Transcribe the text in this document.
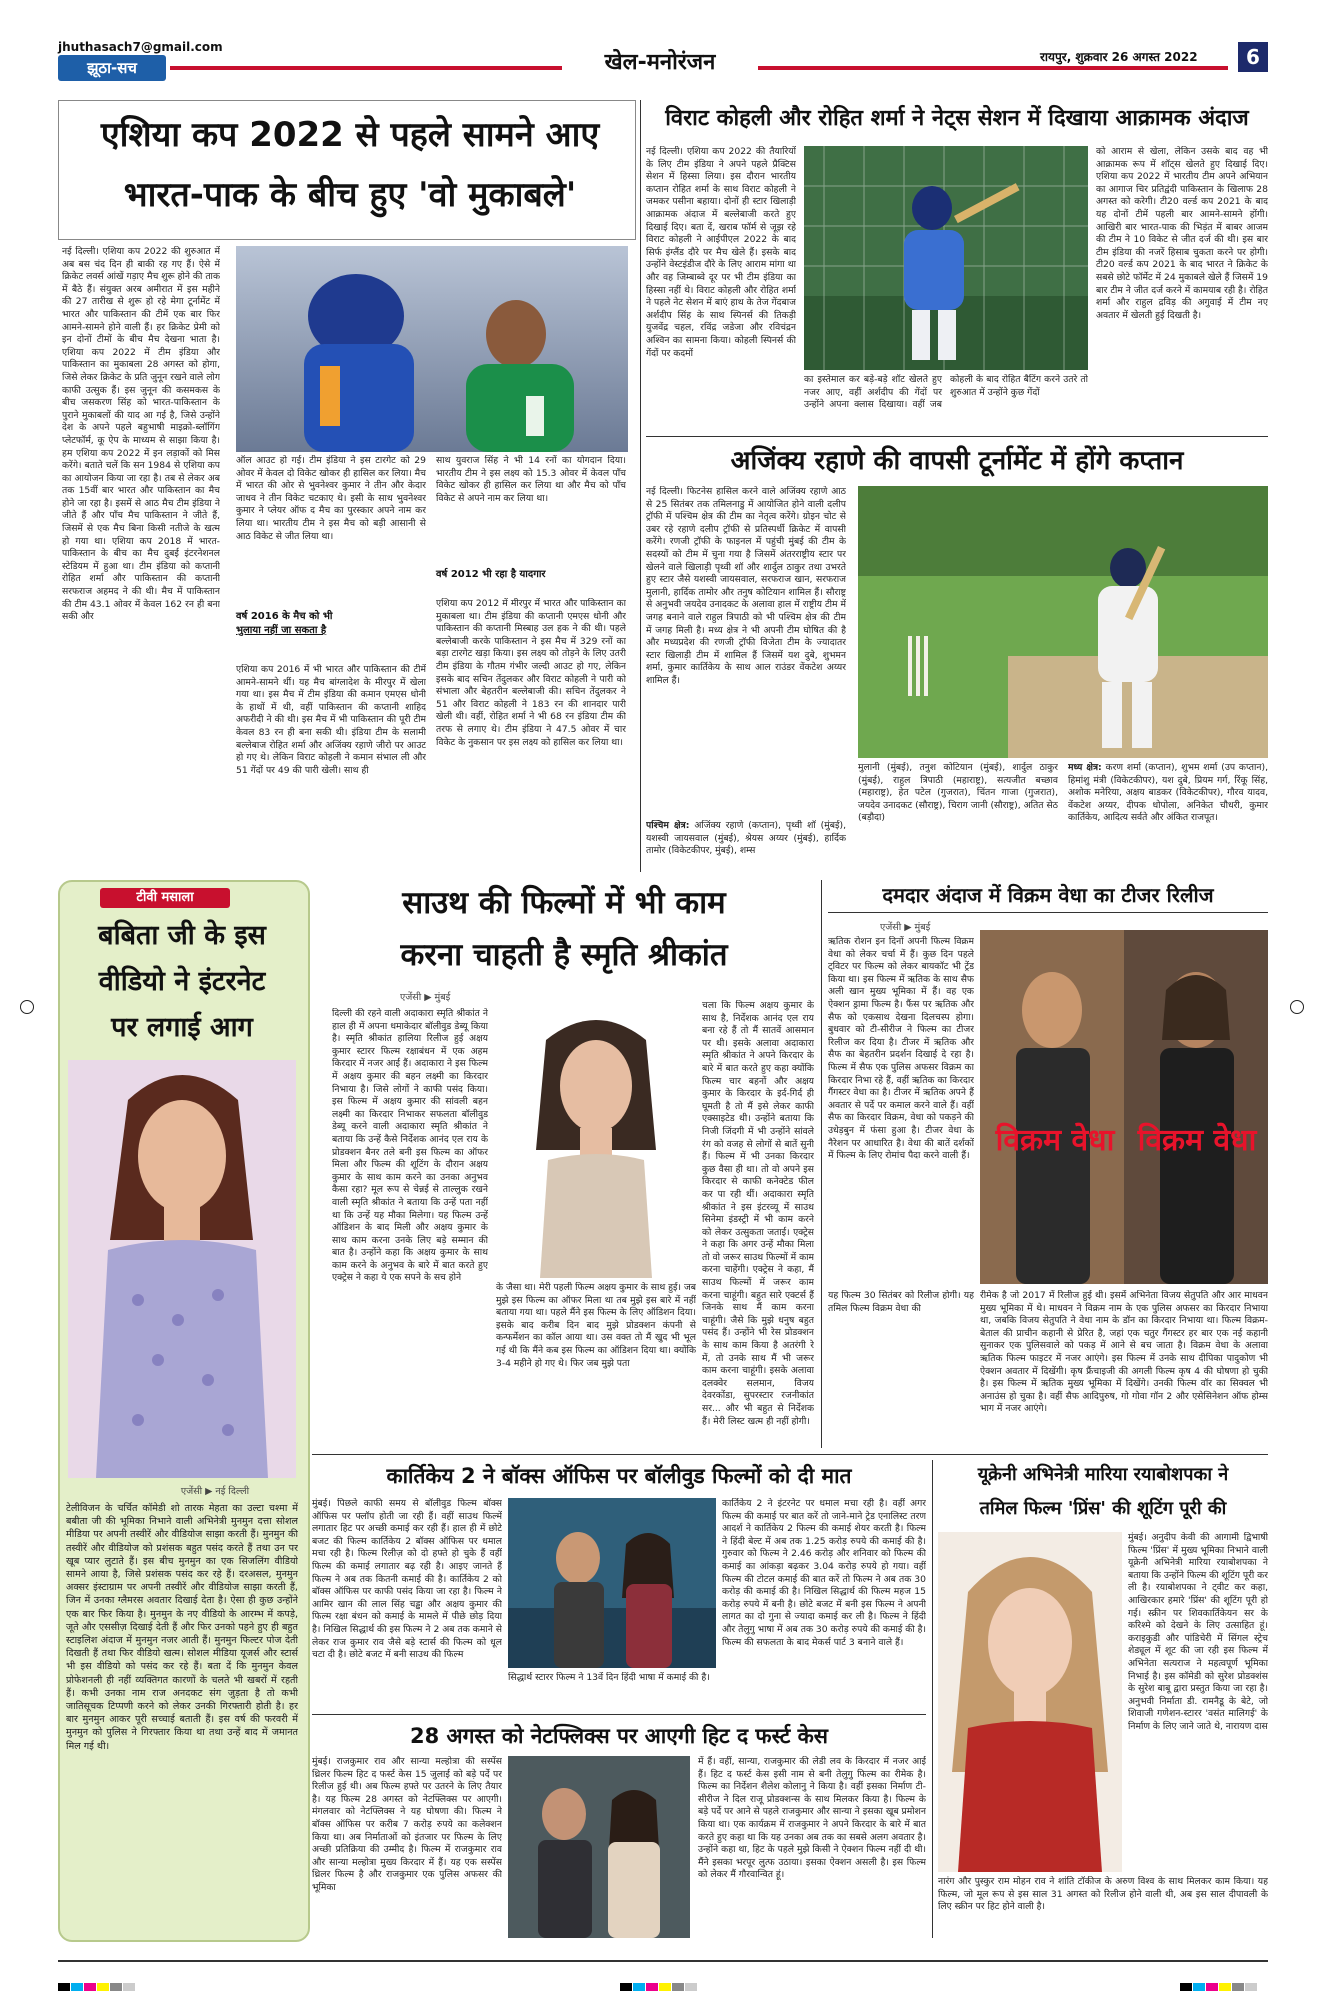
jhuthasach7@gmail.com
झूठा-सच	खेल-मनोरंजन	रायपुर, शुक्रवार 26 अगस्त 2022	6
एशिया कप 2022 से पहले सामने आए
भारत-पाक के बीच हुए 'वो मुकाबले'
नई दिल्ली। एशिया कप 2022 की शुरुआत में अब बस चंद दिन ही बाकी रह गए हैं। ऐसे में क्रिकेट लवर्स आंखें गड़ाए मैच शुरू होने की ताक में बैठे हैं। संयुक्त अरब अमीरात में इस महीने की 27 तारीख से शुरू हो रहे मेगा टूर्नामेंट में भारत और पाकिस्तान की टीमें एक बार फिर आमने-सामने होने वाली हैं। हर क्रिकेट प्रेमी को इन दोनों टीमों के बीच मैच देखना भाता है। एशिया कप 2022 में टीम इंडिया और पाकिस्तान का मुकाबला 28 अगस्त को होगा, जिसे लेकर क्रिकेट के प्रति जुनून रखने वाले लोग काफी उत्सुक हैं। इस जुनून की कसमकस के बीच जसकरण सिंह को भारत-पाकिस्तान के पुराने मुकाबलों की याद आ गई है, जिसे उन्होंने देश के अपने पहले बहुभाषी माइक्रो-ब्लॉगिंग प्लेटफॉर्म, कू ऐप के माध्यम से साझा किया है। हम एशिया कप 2022 में इन लड़ाकों को मिस करेंगे। बताते चलें कि सन 1984 से एशिया कप का आयोजन किया जा रहा है। तब से लेकर अब तक 15वीं बार भारत और पाकिस्तान का मैच होने जा रहा है। इसमें से आठ मैच टीम इंडिया ने जीते हैं और पाँच मैच पाकिस्तान ने जीते हैं, जिसमें से एक मैच बिना किसी नतीजे के खत्म हो गया था। एशिया कप 2018 में भारत-पाकिस्तान के बीच का मैच दुबई इंटरनेशनल स्टेडियम में हुआ था। टीम इंडिया को कप्तानी रोहित शर्मा और पाकिस्तान की कप्तानी सरफराज अहमद ने की थी। मैच में पाकिस्तान की टीम 43.1 ओवर में केवल 162 रन ही बना सकी और
ऑल आउट हो गई। टीम इंडिया ने इस टारगेट को 29 ओवर में केवल दो विकेट खोकर ही हासिल कर लिया। मैच में भारत की ओर से भुवनेश्वर कुमार ने तीन और केदार जाधव ने तीन विकेट चटकाए थे। इसी के साथ भुवनेश्वर कुमार ने प्लेयर ऑफ द मैच का पुरस्कार अपने नाम कर लिया था। भारतीय टीम ने इस मैच को बड़ी आसानी से आठ विकेट से जीत लिया था।
वर्ष 2016 के मैच को भी
भुलाया नहीं जा सकता है
एशिया कप 2016 में भी भारत और पाकिस्तान की टीमें आमने-सामने थीं। यह मैच बांग्लादेश के मीरपुर में खेला गया था। इस मैच में टीम इंडिया की कमान एमएस धोनी के हाथों में थी, वहीं पाकिस्तान की कप्तानी शाहिद अफरीदी ने की थी। इस मैच में भी पाकिस्तान की पूरी टीम केवल 83 रन ही बना सकी थी। इंडिया टीम के सलामी बल्लेबाज रोहित शर्मा और अजिंक्य रहाणे जीरो पर आउट हो गए थे। लेकिन विराट कोहली ने कमान संभाल ली और 51 गेंदों पर 49 की पारी खेली। साथ ही
साथ युवराज सिंह ने भी 14 रनों का योगदान दिया। भारतीय टीम ने इस लक्ष्य को 15.3 ओवर में केवल पाँच विकेट खोकर ही हासिल कर लिया था और मैच को पाँच विकेट से अपने नाम कर लिया था।
वर्ष 2012 भी रहा है यादगार
एशिया कप 2012 में मीरपुर में भारत और पाकिस्तान का मुकाबला था। टीम इंडिया की कप्तानी एमएस धोनी और पाकिस्तान की कप्तानी मिस्बाह उल हक ने की थी। पहले बल्लेबाजी करके पाकिस्तान ने इस मैच में 329 रनों का बड़ा टारगेट खड़ा किया। इस लक्ष्य को तोड़ने के लिए उतरी टीम इंडिया के गौतम गंभीर जल्दी आउट हो गए, लेकिन इसके बाद सचिन तेंदुलकर और विराट कोहली ने पारी को संभाला और बेहतरीन बल्लेबाजी की। सचिन तेंदुलकर ने 51 और विराट कोहली ने 183 रन की शानदार पारी खेली थी। वहीं, रोहित शर्मा ने भी 68 रन इंडिया टीम की तरफ से लगाए थे। टीम इंडिया ने 47.5 ओवर में चार विकेट के नुकसान पर इस लक्ष्य को हासिल कर लिया था।
विराट कोहली और रोहित शर्मा ने नेट्स सेशन में दिखाया आक्रामक अंदाज
नई दिल्ली। एशिया कप 2022 की तैयारियों के लिए टीम इंडिया ने अपने पहले प्रैक्टिस सेशन में हिस्सा लिया। इस दौरान भारतीय कप्तान रोहित शर्मा के साथ विराट कोहली ने जमकर पसीना बहाया। दोनों ही स्टार खिलाड़ी आक्रामक अंदाज में बल्लेबाजी करते हुए दिखाई दिए। बता दें, खराब फॉर्म से जूझ रहे विराट कोहली ने आईपीएल 2022 के बाद सिर्फ इंग्लैंड दौरे पर मैच खेले हैं। इसके बाद उन्होंने वेस्टइंडीज दौरे के लिए आराम मांगा था और वह जिम्बाब्वे दूर पर भी टीम इंडिया का हिस्सा नहीं थे। विराट कोहली और रोहित शर्मा ने पहले नेट सेशन में बाएं हाथ के तेज गेंदबाज अर्शदीप सिंह के साथ स्पिनर्स की तिकड़ी युजवेंद्र चहल, रविंद्र जडेजा और रविचंद्रन अश्विन का सामना किया। कोहली स्पिनर्स की गेंदों पर कदमों
का इस्तेमाल कर बड़े-बड़े शॉट खेलते हुए नजर आए, वहीं अर्शदीप की गेंदों पर उन्होंने अपना क्लास दिखाया। वहीं जब कोहली के बाद रोहित बैटिंग करने उतरे तो शुरुआत में उन्होंने कुछ गेंदों
को आराम से खेला, लेकिन उसके बाद वह भी आक्रामक रूप में शॉट्स खेलते हुए दिखाई दिए। एशिया कप 2022 में भारतीय टीम अपने अभियान का आगाज चिर प्रतिद्वंदी पाकिस्तान के खिलाफ 28 अगस्त को करेगी। टी20 वर्ल्ड कप 2021 के बाद यह दोनों टीमें पहली बार आमने-सामने होंगी। आखिरी बार भारत-पाक की भिड़ंत में बाबर आजम की टीम ने 10 विकेट से जीत दर्ज की थी। इस बार टीम इंडिया की नजरें हिसाब चुकता करने पर होगी। टी20 वर्ल्ड कप 2021 के बाद भारत ने क्रिकेट के सबसे छोटे फॉर्मेट में 24 मुकाबले खेले हैं जिसमें 19 बार टीम ने जीत दर्ज करने में कामयाब रही है। रोहित शर्मा और राहुल द्रविड़ की अगुवाई में टीम नए अवतार में खेलती हुई दिखती है।
अजिंक्य रहाणे की वापसी टूर्नामेंट में होंगे कप्तान
नई दिल्ली। फिटनेस हासिल करने वाले अजिंक्य रहाणे आठ से 25 सितंबर तक तमिलनाडु में आयोजित होने वाली दलीप ट्रॉफी में पश्चिम क्षेत्र की टीम का नेतृत्व करेंगे। ग्रोइन चोट से उबर रहे रहाणे दलीप ट्रॉफी से प्रतिस्पर्धी क्रिकेट में वापसी करेंगे। रणजी ट्रॉफी के फाइनल में पहुंची मुंबई की टीम के सदस्यों को टीम में चुना गया है जिसमें अंतरराष्ट्रीय स्टार पर खेलने वाले खिलाड़ी पृथ्वी शॉ और शार्दुल ठाकुर तथा उभरते हुए स्टार जैसे यशस्वी जायसवाल, सरफराज खान, सरफराज मुलानी, हार्दिक तामोर और तनुष कोटियान शामिल हैं। सौराष्ट्र से अनुभवी जयदेव उनादकट के अलावा हाल में राष्ट्रीय टीम में जगह बनाने वाले राहुल त्रिपाठी को भी पश्चिम क्षेत्र की टीम में जगह मिली है। मध्य क्षेत्र ने भी अपनी टीम घोषित की है और मध्यप्रदेश की रणजी ट्रॉफी विजेता टीम के ज्यादातर स्टार खिलाड़ी टीम में शामिल हैं जिसमें यश दुबे, शुभमन शर्मा, कुमार कार्तिकेय के साथ आल राउंडर वेंकटेश अय्यर शामिल हैं।
पश्चिम क्षेत्र: अजिंक्य रहाणे (कप्तान), पृथ्वी शॉ (मुंबई), यशस्वी जायसवाल (मुंबई), श्रेयस अय्यर (मुंबई), हार्दिक तामोर (विकेटकीपर, मुंबई), शम्स
मुलानी (मुंबई), तनुश कोटियान (मुंबई), शार्दुल ठाकुर (मुंबई), राहुल त्रिपाठी (महाराष्ट्र), सत्यजीत बच्छाव (महाराष्ट्र), हेत पटेल (गुजरात), चिंतन गाजा (गुजरात), जयदेव उनादकट (सौराष्ट्र), चिराग जानी (सौराष्ट्र), अतित सेठ (बड़ौदा)
मध्य क्षेत्र: करण शर्मा (कप्तान), शुभम शर्मा (उप कप्तान), हिमांशु मंत्री (विकेटकीपर), यश दुबे, प्रियम गर्ग, रिंकू सिंह, अशोक मनेरिया, अक्षय बाडकर (विकेटकीपर), गौरव यादव, वेंकटेश अय्यर, दीपक धोपोला, अनिकेत चौधरी, कुमार कार्तिकेय, आदित्य सर्वते और अंकित राजपूत।
टीवी मसाला
बबिता जी के इस
वीडियो ने इंटरनेट
पर लगाई आग
एजेंसी ▶ नई दिल्ली
टेलीविजन के चर्चित कॉमेडी शो तारक मेहता का उल्टा चश्मा में बबीता जी की भूमिका निभाने वाली अभिनेत्री मुनमुन दत्ता सोशल मीडिया पर अपनी तस्वीरें और वीडियोज साझा करती हैं। मुनमुन की तस्वीरें और वीडियोज को प्रशंसक बहुत पसंद करते हैं तथा उन पर खूब प्यार लुटाते हैं। इस बीच मुनमुन का एक सिजलिंग वीडियो सामने आया है, जिसे प्रशंसक पसंद कर रहे हैं। दरअसल, मुनमुन अक्सर इंस्टाग्राम पर अपनी तस्वीरें और वीडियोज साझा करती हैं, जिन में उनका ग्लैमरस अवतार दिखाई देता है। ऐसा ही कुछ उन्होंने एक बार फिर किया है। मुनमुन के नए वीडियो के आरम्भ में कपड़े, जूते और एससीज़ दिखाई देती हैं और फिर उनको पहने हुए ही बहुत स्टाइलिश अंदाज में मुनमुन नजर आती हैं। मुनमुन फिल्टर पोज देती दिखती हैं तथा फिर वीडियो खत्म। सोशल मीडिया यूजर्स और स्टार्स भी इस वीडियो को पसंद कर रहे हैं। बता दें कि मुनमुन केवल प्रोफेशनली ही नहीं व्यक्तिगत कारणों के चलते भी खबरों में रहती हैं। कभी उनका नाम राज अनदकट संग जुड़ता है तो कभी जातिसूचक टिप्पणी करने को लेकर उनकी गिरफ्तारी होती है। हर बार मुनमुन आकर पूरी सच्चाई बताती हैं। इस वर्ष की फरवरी में मुनमुन को पुलिस ने गिरफ्तार किया था तथा उन्हें बाद में जमानत मिल गई थी।
साउथ की फिल्मों में भी काम
करना चाहती है स्मृति श्रीकांत
एजेंसी ▶ मुंबई
दिल्ली की रहने वाली अदाकारा स्मृति श्रीकांत ने हाल ही में अपना धमाकेदार बॉलीवुड डेब्यू किया है। स्मृति श्रीकांत हालिया रिलीज हुई अक्षय कुमार स्टारर फिल्म रक्षाबंधन में एक अहम किरदार में नजर आई हैं। अदाकारा ने इस फिल्म में अक्षय कुमार की बहन लक्ष्मी का किरदार निभाया है। जिसे लोगों ने काफी पसंद किया। इस फिल्म में अक्षय कुमार की सांवली बहन लक्ष्मी का किरदार निभाकर सफलता बॉलीवुड डेब्यू करने वाली अदाकारा स्मृति श्रीकांत ने बताया कि उन्हें कैसे निर्देशक आनंद एल राय के प्रोडक्शन बैनर तले बनी इस फिल्म का ऑफर मिला और फिल्म की शूटिंग के दौरान अक्षय कुमार के साथ काम करने का उनका अनुभव कैसा रहा? मूल रूप से चेन्नई से ताल्लुक रखने वाली स्मृति श्रीकांत ने बताया कि उन्हें पता नहीं था कि उन्हें यह मौका मिलेगा। यह फिल्म उन्हें ऑडिशन के बाद मिली और अक्षय कुमार के साथ काम करना उनके लिए बड़े सम्मान की बात है। उन्होंने कहा कि अक्षय कुमार के साथ काम करने के अनुभव के बारे में बात करते हुए एक्ट्रेस ने कहा ये एक सपने के सच होने
के जैसा था। मेरी पहली फिल्म अक्षय कुमार के साथ हुई। जब मुझे इस फिल्म का ऑफर मिला था तब मुझे इस बारे में नहीं बताया गया था। पहले मैंने इस फिल्म के लिए ऑडिशन दिया। इसके बाद करीब दिन बाद मुझे प्रोडक्शन कंपनी से कन्फर्मेशन का कॉल आया था। उस वक्त तो मैं खुद भी भूल गई थी कि मैंने कब इस फिल्म का ऑडिशन दिया था। क्योंकि 3-4 महीने हो गए थे। फिर जब मुझे पता
चला कि फिल्म अक्षय कुमार के साथ है, निर्देशक आनंद एल राय बना रहे हैं तो मैं सातवें आसमान पर थी। इसके अलावा अदाकारा स्मृति श्रीकांत ने अपने किरदार के बारे में बात करते हुए कहा क्योंकि फिल्म चार बहनों और अक्षय कुमार के किरदार के इर्द-गिर्द ही घूमती है तो मैं इसे लेकर काफी एक्साइटेड थी। उन्होंने बताया कि निजी जिंदगी में भी उन्होंने सांवले रंग को वजह से लोगों से बातें सुनी हैं। फिल्म में भी उनका किरदार कुछ वैसा ही था। तो वो अपने इस किरदार से काफी कनेक्टेड फील कर पा रही थीं। अदाकारा स्मृति श्रीकांत ने इस इंटरव्यू में साउथ सिनेमा इंडस्ट्री में भी काम करने को लेकर उत्सुकता जताई। एक्ट्रेस ने कहा कि अगर उन्हें मौका मिला तो वो जरूर साउथ फिल्मों में काम करना चाहेंगी। एक्ट्रेस ने कहा, मैं साउथ फिल्मों में जरूर काम करना चाहूंगी। बहुत सारे एक्टर्स हैं जिनके साथ मैं काम करना चाहूंगी। जैसे कि मुझे धनुष बहुत पसंद हैं। उन्होंने भी रेस प्रोडक्शन के साथ काम किया है अतरंगी रे में, तो उनके साथ मैं भी जरूर काम करना चाहूंगी। इसके अलावा दलक्वेर सलमान, विजय देवरकोंडा, सुपरस्टार रजनीकांत सर... और भी बहुत से निर्देशक हैं। मेरी लिस्ट खत्म ही नहीं होगी।
दमदार अंदाज में विक्रम वेधा का टीजर रिलीज
एजेंसी ▶ मुंबई
ऋतिक रोशन इन दिनों अपनी फिल्म विक्रम वेधा को लेकर चर्चा में हैं। कुछ दिन पहले ट्विटर पर फिल्म को लेकर बायकॉट भी ट्रेंड किया था। इस फिल्म में ऋतिक के साथ सैफ अली खान मुख्य भूमिका में हैं। वह एक ऐक्शन ड्रामा फिल्म है। फैंस पर ऋतिक और सैफ को एकसाथ देखना दिलचस्प होगा। बुधवार को टी-सीरीज ने फिल्म का टीजर रिलीज कर दिया है। टीजर में ऋतिक और सैफ का बेहतरीन प्रदर्शन दिखाई दे रहा है। फिल्म में सैफ एक पुलिस अफसर विक्रम का किरदार निभा रहे हैं, वहीं ऋतिक का किरदार गैंगस्टर वेधा का है। टीजर में ऋतिक अपने हैं अवतार से पर्दे पर कमाल करने वाले हैं। वहीं सैफ का किरदार विक्रम, वेधा को पकड़ने की उधेड़बुन में फंसा हुआ है। टीजर वेधा के नैरेशन पर आधारित है। वेधा की बातें दर्शकों में फिल्म के लिए रोमांच पैदा करने वाली हैं। विक्रम वेधा विक्रम वेधा
यह फिल्म 30 सितंबर को रिलीज होगी। यह तमिल फिल्म विक्रम वेधा की
रीमेक है जो 2017 में रिलीज हुई थी। इसमें अभिनेता विजय सेतुपति और आर माधवन मुख्य भूमिका में थे। माधवन ने विक्रम नाम के एक पुलिस अफसर का किरदार निभाया था, जबकि विजय सेतुपति ने वेधा नाम के डॉन का किरदार निभाया था। फिल्म विक्रम-बेताल की प्राचीन कहानी से प्रेरित है, जहां एक चतुर गैंगस्टर हर बार एक नई कहानी सुनाकर एक पुलिसवाले को पकड़ में आने से बच जाता है। विक्रम वेधा के अलावा ऋतिक फिल्म फाइटर में नजर आएंगे। इस फिल्म में उनके साथ दीपिका पादुकोण भी ऐक्शन अवतार में दिखेंगी। कृष फ्रैंचाइजी की अगली फिल्म कृष 4 की घोषणा हो चुकी है। इस फिल्म में ऋतिक मुख्य भूमिका में दिखेंगे। उनकी फिल्म वॉर का सिक्वल भी अनाउंस हो चुका है। वहीं सैफ आदिपुरुष, गो गोवा गॉन 2 और एसेसिनेशन ऑफ होम्स भाग में नजर आएंगे।
कार्तिकेय 2 ने बॉक्स ऑफिस पर बॉलीवुड फिल्मों को दी मात
मुंबई। पिछले काफी समय से बॉलीवुड फिल्म बॉक्स ऑफिस पर फ्लॉप होती जा रही हैं। वहीं साउथ फिल्में लगातार हिट पर अच्छी कमाई कर रही हैं। हाल ही में छोटे बजट की फिल्म कार्तिकेय 2 बॉक्स ऑफिस पर धमाल मचा रही है। फिल्म रिलीज़ को दो हफ्ते हो चुके हैं वहीं फिल्म की कमाई लगातार बढ़ रही है। आइए जानते हैं फिल्म ने अब तक कितनी कमाई की है। कार्तिकेय 2 को बॉक्स ऑफिस पर काफी पसंद किया जा रहा है। फिल्म ने आमिर खान की लाल सिंह चड्ढा और अक्षय कुमार की फिल्म रक्षा बंधन को कमाई के मामले में पीछे छोड़ दिया है। निखिल सिद्धार्थ की इस फिल्म ने 2 अब तक कमाने से लेकर राज कुमार राव जैसे बड़े स्टार्स की फिल्म को धूल चटा दी है। छोटे बजट में बनी साउथ की फिल्म
सिद्धार्थ स्टारर फिल्म ने 13वें दिन हिंदी भाषा में कमाई की है।
कार्तिकेय 2 ने इंटरनेट पर धमाल मचा रही है। वहीं अगर फिल्म की कमाई पर बात करें तो जाने-माने ट्रेड एनालिस्ट तरण आदर्श ने कार्तिकेय 2 फिल्म की कमाई शेयर करती है। फिल्म ने हिंदी बेल्ट में अब तक 1.25 करोड़ रुपये की कमाई की है। गुरुवार को फिल्म ने 2.46 करोड़ और शनिवार को फिल्म की कमाई का आंकड़ा बढ़कर 3.04 करोड़ रुपये हो गया। वहीं फिल्म की टोटल कमाई की बात करें तो फिल्म ने अब तक 30 करोड़ की कमाई की है। निखिल सिद्धार्थ की फिल्म महज 15 करोड़ रुपये में बनी है। छोटे बजट में बनी इस फिल्म ने अपनी लागत का दो गुना से ज्यादा कमाई कर ली है। फिल्म ने हिंदी और तेलुगु भाषा में अब तक 30 करोड़ रुपये की कमाई की है। फिल्म की सफलता के बाद मेकर्स पार्ट 3 बनाने वाले हैं।
28 अगस्त को नेटफ्लिक्स पर आएगी हिट द फर्स्ट केस
मुंबई। राजकुमार राव और सान्या मल्होत्रा की सस्पेंस थ्रिलर फिल्म हिट द फर्स्ट केस 15 जुलाई को बड़े पर्दे पर रिलीज हुई थी। अब फिल्म हफ्ते पर उतरने के लिए तैयार है। यह फिल्म 28 अगस्त को नेटफ्लिक्स पर आएगी। मंगलवार को नेटफ्लिक्स ने यह घोषणा की। फिल्म ने बॉक्स ऑफिस पर करीब 7 करोड़ रुपये का कलेक्शन किया था। अब निर्माताओं को इंतजार पर फिल्म के लिए अच्छी प्रतिक्रिया की उम्मीद है। फिल्म में राजकुमार राव और सान्या मल्होत्रा मुख्य किरदार में हैं। यह एक सस्पेंस थ्रिलर फिल्म है और राजकुमार एक पुलिस अफसर की भूमिका
में हैं। वहीं, सान्या, राजकुमार की लेडी लव के किरदार में नजर आई हैं। हिट द फर्स्ट केस इसी नाम से बनी तेलुगु फिल्म का रीमेक है। फिल्म का निर्देशन शैलेश कोलानु ने किया है। वहीं इसका निर्माण टी-सीरीज ने दिल राजू प्रोडक्शन्स के साथ मिलकर किया है। फिल्म के बड़े पर्दे पर आने से पहले राजकुमार और सान्या ने इसका खूब प्रमोशन किया था। एक कार्यक्रम में राजकुमार ने अपने किरदार के बारे में बात करते हुए कहा था कि यह उनका अब तक का सबसे अलग अवतार है। उन्होंने कहा था, हिट के पहले मुझे किसी ने ऐक्शन फिल्म नहीं दी थी। मैंने इसका भरपूर लुत्फ उठाया। इसका ऐक्शन असली है। इस फिल्म को लेकर मैं गौरवान्वित हूं।
यूक्रेनी अभिनेत्री मारिया रयाबोशपका ने
तमिल फिल्म 'प्रिंस' की शूटिंग पूरी की
मुंबई। अनुदीप केवी की आगामी द्विभाषी फिल्म 'प्रिंस' में मुख्य भूमिका निभाने वाली यूक्रेनी अभिनेत्री मारिया रयाबोशपका ने बताया कि उन्होंने फिल्म की शूटिंग पूरी कर ली है। रयाबोशपका ने ट्वीट कर कहा, आखिरकार हमारे 'प्रिंस' की शूटिंग पूरी हो गई। स्क्रीन पर शिवकार्तिकेयन सर के करिश्मे को देखने के लिए उत्साहित हूं। कराइकुडी और पांडिचेरी में सिंगल स्ट्रेच शेड्यूल में शूट की जा रही इस फिल्म में अभिनेता सत्यराज ने महत्वपूर्ण भूमिका निभाई है। इस कॉमेडी को सुरेश प्रोडक्शंस के सुरेश बाबू द्वारा प्रस्तुत किया जा रहा है। अनुभवी निर्माता डी. रामनैडू के बेटे, जो शिवाजी गणेशन-स्टारर 'वसंत मालिगई' के निर्माण के लिए जाने जाते थे, नारायण दास
नारंग और पुस्कुर राम मोहन राव ने शांति टॉकीज के अरुण विश्व के साथ मिलकर काम किया। यह फिल्म, जो मूल रूप से इस साल 31 अगस्त को रिलीज होने वाली थी, अब इस साल दीपावली के लिए स्क्रीन पर हिट होने वाली है।
